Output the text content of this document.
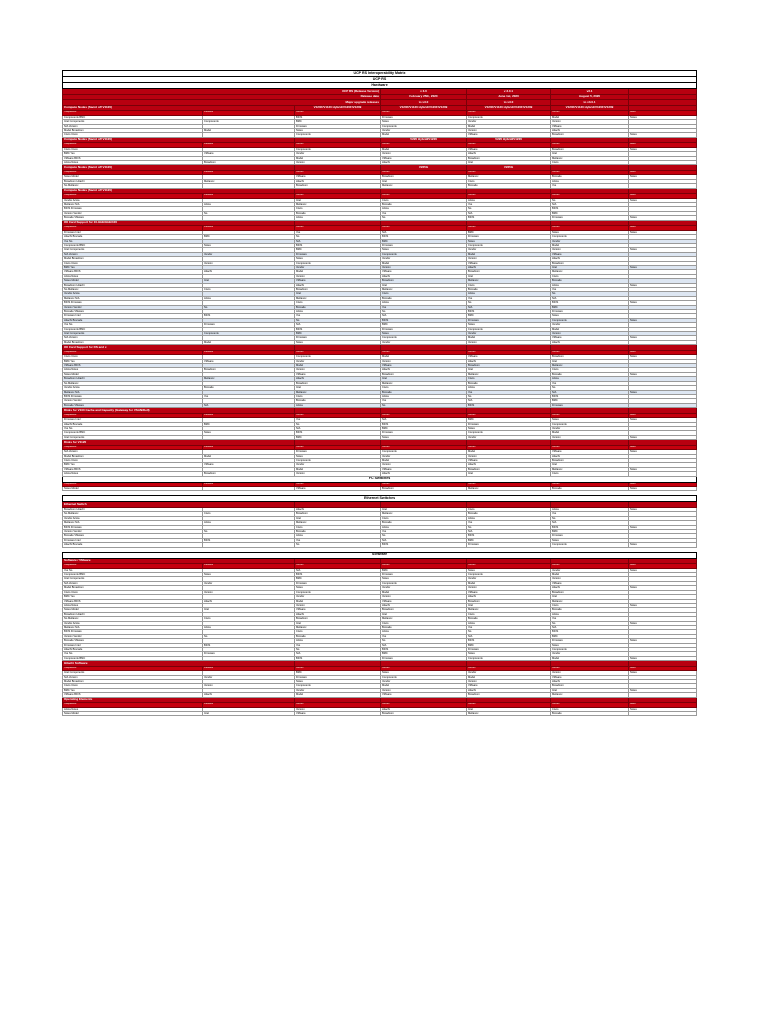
UCP RS Interoperability Matrix						
UCP RS						
Hardware						
UCP RS (Release Version)			v 3.0	v 3.0.1	v3.1	
Release date			February 25th, 2020	June 1st, 2020	August 5, 2020	
Major upgrade releases			to v3.0	to v3.0	to v3.0.1	
Compute Nodes (Sacnt off V1120)		V120F/V1120 Hybrid/V120F/V1209	V120F/V1120 Hybrid/V120F/V1209	V120F/V1120 Hybrid/V120F/V1209	V120F/V1120 Hybrid/V120F/V1209	
Components	Firmware	Version	Version	Version	Version	Notes
Components BMC		BIOS	Firmware	Components	Model	Notes
Intel Components	Components	BMC	Notes	Vendor	Version	
N/A Version		Firmware	Components	Model	VMware	
Model Broadcom	Model	Notes	Vendor	Version	Hitachi	
Cisco Cisco		Components	Model	VMware	Broadcom	Notes
Compute Nodes (Sacnt off V1120)			V220 Hybrid/V1220	V220 Hybrid/V1220		
Components	Firmware	Version	Version	Version	Version	Notes
Cisco Cisco		Components	Model	VMware	Broadcom	Notes
BMC Yes	VMware	Vendor	Version	Hitachi	Intel	
VMware BIOS		Model	VMware	Broadcom	Mellanox	
Arista Notes	Broadcom	Version	Hitachi	Intel	Cisco	
Compute Nodes (Sacnt off V1120)			V225G	V225G		
Components	Firmware	Version	Version	Version	Version	Notes
Notes Model		VMware	Broadcom	Mellanox	Brocade	Notes
Broadcom Hitachi	Mellanox	Hitachi	Intel	Cisco	Arista	
No Mellanox		Broadcom	Mellanox	Brocade	Yes	
Compute Nodes (Sacnt off V1120)						
Components	Firmware	Version	Version	Version	Version	Notes
Vendor Arista		Intel	Cisco	Arista	No	Notes
Mellanox N/A	Arista	Mellanox	Brocade	Yes	N/A	
BIOS Firmware		Cisco	Arista	No	BIOS	
Version Vendor	No	Brocade	Yes	N/A	BMC	
Brocade VMware		Arista	No	BIOS	Firmware	Notes
I/O Card Support for 10-GbE/GbE/100						
Components	Firmware	Version	Version	Version	Version	Notes
Firmware Intel		Yes	N/A	BMC	Notes	Notes
Hitachi Brocade	BMC	No	BIOS	Firmware	Components	
Yes No		N/A	BMC	Notes	Vendor	
Components BMC	Notes	BIOS	Firmware	Components	Model	
Intel Components		BMC	Notes	Vendor	Version	Notes
N/A Version	Vendor	Firmware	Components	Model	VMware	
Model Broadcom		Notes	Vendor	Version	Hitachi	
Cisco Cisco	Version	Components	Model	VMware	Broadcom	
BMC Yes		Vendor	Version	Hitachi	Intel	Notes
VMware BIOS	Hitachi	Model	VMware	Broadcom	Mellanox	
Arista Notes		Version	Hitachi	Intel	Cisco	
Notes Model	Intel	VMware	Broadcom	Mellanox	Brocade	
Broadcom Hitachi		Hitachi	Intel	Cisco	Arista	Notes
No Mellanox	Cisco	Broadcom	Mellanox	Brocade	Yes	
Vendor Arista		Intel	Cisco	Arista	No	
Mellanox N/A	Arista	Mellanox	Brocade	Yes	N/A	
BIOS Firmware		Cisco	Arista	No	BIOS	Notes
Version Vendor	No	Brocade	Yes	N/A	BMC	
Brocade VMware		Arista	No	BIOS	Firmware	
Firmware Intel	BIOS	Yes	N/A	BMC	Notes	
Hitachi Brocade		No	BIOS	Firmware	Components	Notes
Yes No	Firmware	N/A	BMC	Notes	Vendor	
Components BMC		BIOS	Firmware	Components	Model	
Intel Components	Components	BMC	Notes	Vendor	Version	
N/A Version		Firmware	Components	Model	VMware	Notes
Model Broadcom	Model	Notes	Vendor	Version	Hitachi	
I/O Card Support for DS and x						
Components	Firmware	Version	Version	Version	Version	Notes
Cisco Cisco		Components	Model	VMware	Broadcom	Notes
BMC Yes	VMware	Vendor	Version	Hitachi	Intel	
VMware BIOS		Model	VMware	Broadcom	Mellanox	
Arista Notes	Broadcom	Version	Hitachi	Intel	Cisco	
Notes Model		VMware	Broadcom	Mellanox	Brocade	Notes
Broadcom Hitachi	Mellanox	Hitachi	Intel	Cisco	Arista	
No Mellanox		Broadcom	Mellanox	Brocade	Yes	
Vendor Arista	Brocade	Intel	Cisco	Arista	No	
Mellanox N/A		Mellanox	Brocade	Yes	N/A	Notes
BIOS Firmware	Yes	Cisco	Arista	No	BIOS	
Version Vendor		Brocade	Yes	N/A	BMC	
Brocade VMware	N/A	Arista	No	BIOS	Firmware	
Disks for V100 Cache and Capacity (Gateway for VSAN/Dell)						
Components	Firmware	Version	Version	Version	Version	Notes
Firmware Intel		Yes	N/A	BMC	Notes	Notes
Hitachi Brocade	BMC	No	BIOS	Firmware	Components	
Yes No		N/A	BMC	Notes	Vendor	
Components BMC	Notes	BIOS	Firmware	Components	Model	
Intel Components		BMC	Notes	Vendor	Version	Notes
Disks for V1120						
Components	Firmware	Version	Version	Version	Version	Notes
N/A Version		Firmware	Components	Model	VMware	Notes
Model Broadcom	Model	Notes	Vendor	Version	Hitachi	
Cisco Cisco		Components	Model	VMware	Broadcom	
BMC Yes	VMware	Vendor	Version	Hitachi	Intel	
VMware BIOS		Model	VMware	Broadcom	Mellanox	Notes
Arista Notes	Broadcom	Version	Hitachi	Intel	Cisco	
FC Switches						
Components	Firmware	Version	Version	Version	Version	Notes
Notes Model		VMware	Broadcom	Mellanox	Brocade	Notes

Ethernet Switches						
Ethernet Switch						
Broadcom Hitachi		Hitachi	Intel	Cisco	Arista	Notes
No Mellanox	Cisco	Broadcom	Mellanox	Brocade	Yes	
Vendor Arista		Intel	Cisco	Arista	No	
Mellanox N/A	Arista	Mellanox	Brocade	Yes	N/A	
BIOS Firmware		Cisco	Arista	No	BIOS	Notes
Version Vendor	No	Brocade	Yes	N/A	BMC	
Brocade VMware		Arista	No	BIOS	Firmware	
Firmware Intel	BIOS	Yes	N/A	BMC	Notes	
Hitachi Brocade		No	BIOS	Firmware	Components	Notes

Software						
Software / VMware						
Components	Firmware	Version	Version	Version	Version	Notes
Yes No		N/A	BMC	Notes	Vendor	Notes
Components BMC	Notes	BIOS	Firmware	Components	Model	
Intel Components		BMC	Notes	Vendor	Version	
N/A Version	Vendor	Firmware	Components	Model	VMware	
Model Broadcom		Notes	Vendor	Version	Hitachi	Notes
Cisco Cisco	Version	Components	Model	VMware	Broadcom	
BMC Yes		Vendor	Version	Hitachi	Intel	
VMware BIOS	Hitachi	Model	VMware	Broadcom	Mellanox	
Arista Notes		Version	Hitachi	Intel	Cisco	Notes
Notes Model	Intel	VMware	Broadcom	Mellanox	Brocade	
Broadcom Hitachi		Hitachi	Intel	Cisco	Arista	
No Mellanox	Cisco	Broadcom	Mellanox	Brocade	Yes	
Vendor Arista		Intel	Cisco	Arista	No	Notes
Mellanox N/A	Arista	Mellanox	Brocade	Yes	N/A	
BIOS Firmware		Cisco	Arista	No	BIOS	
Version Vendor	No	Brocade	Yes	N/A	BMC	
Brocade VMware		Arista	No	BIOS	Firmware	Notes
Firmware Intel	BIOS	Yes	N/A	BMC	Notes	
Hitachi Brocade		No	BIOS	Firmware	Components	
Yes No	Firmware	N/A	BMC	Notes	Vendor	
Components BMC		BIOS	Firmware	Components	Model	Notes
Hitachi Software						
Components	Firmware	Version	Version	Version	Version	Notes
Intel Components		BMC	Notes	Vendor	Version	Notes
N/A Version	Vendor	Firmware	Components	Model	VMware	
Model Broadcom		Notes	Vendor	Version	Hitachi	
Cisco Cisco	Version	Components	Model	VMware	Broadcom	
BMC Yes		Vendor	Version	Hitachi	Intel	Notes
VMware BIOS	Hitachi	Model	VMware	Broadcom	Mellanox	
Operating Elements						
Components	Firmware	Version	Version	Version	Version	Notes
Arista Notes		Version	Hitachi	Intel	Cisco	Notes
Notes Model	Intel	VMware	Broadcom	Mellanox	Brocade	
